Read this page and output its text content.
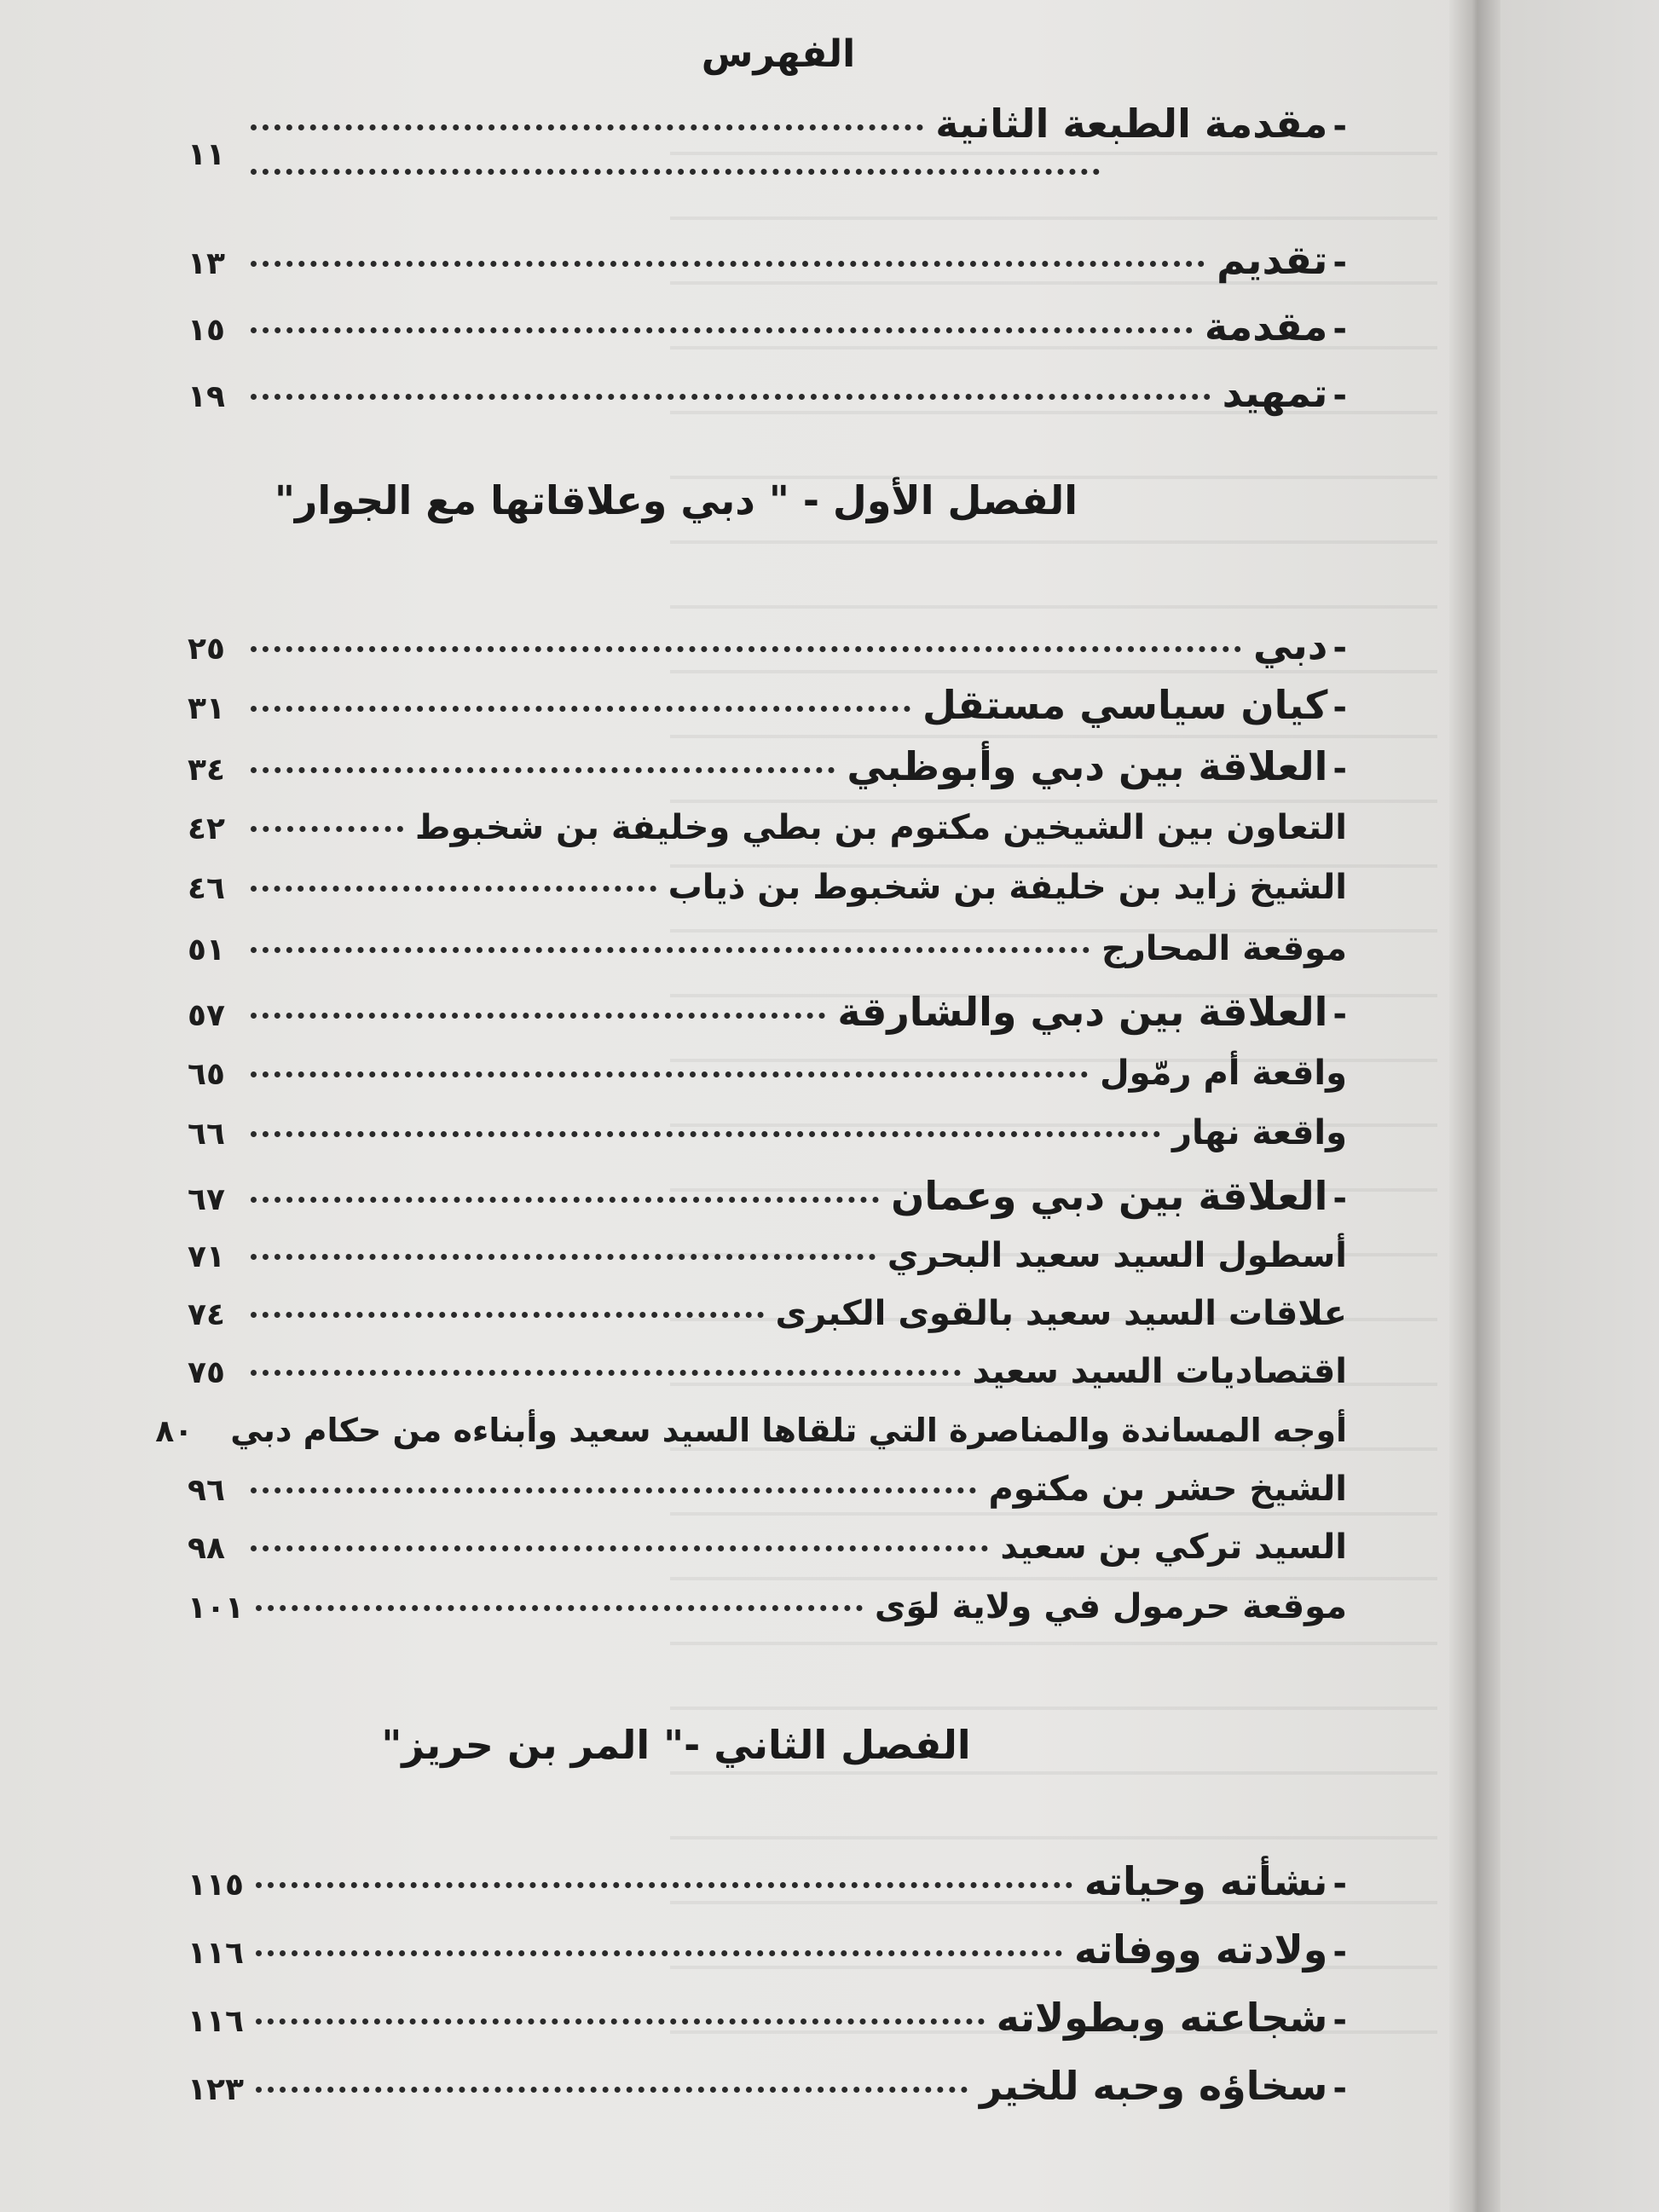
الفهرس
-
مقدمة الطبعة الثانية
١١
-
تقديم
١٣
-
مقدمة
١٥
-
تمهيد
١٩
الفصل الأول - " دبي وعلاقاتها مع الجوار"
-
دبي
٢٥
-
كيان سياسي مستقل
٣١
-
العلاقة بين دبي وأبوظبي
٣٤
التعاون بين الشيخين مكتوم بن بطي وخليفة بن شخبوط
٤٢
الشيخ زايد بن خليفة بن شخبوط بن ذياب
٤٦
موقعة المحارج
٥١
-
العلاقة بين دبي والشارقة
٥٧
واقعة أم رمّول
٦٥
واقعة نهار
٦٦
-
العلاقة بين دبي وعمان
٦٧
أسطول السيد سعيد البحري
٧١
علاقات السيد سعيد بالقوى الكبرى
٧٤
اقتصاديات السيد سعيد
٧٥
أوجه المساندة والمناصرة التي تلقاها السيد سعيد وأبناءه من حكام دبي
٨٠
الشيخ حشر بن مكتوم
٩٦
السيد تركي بن سعيد
٩٨
موقعة حرمول في ولاية لوَى
١٠١
الفصل الثاني -" المر بن حريز"
-
نشأته وحياته
١١٥
-
ولادته ووفاته
١١٦
-
شجاعته وبطولاته
١١٦
-
سخاؤه وحبه للخير
١٢٣
